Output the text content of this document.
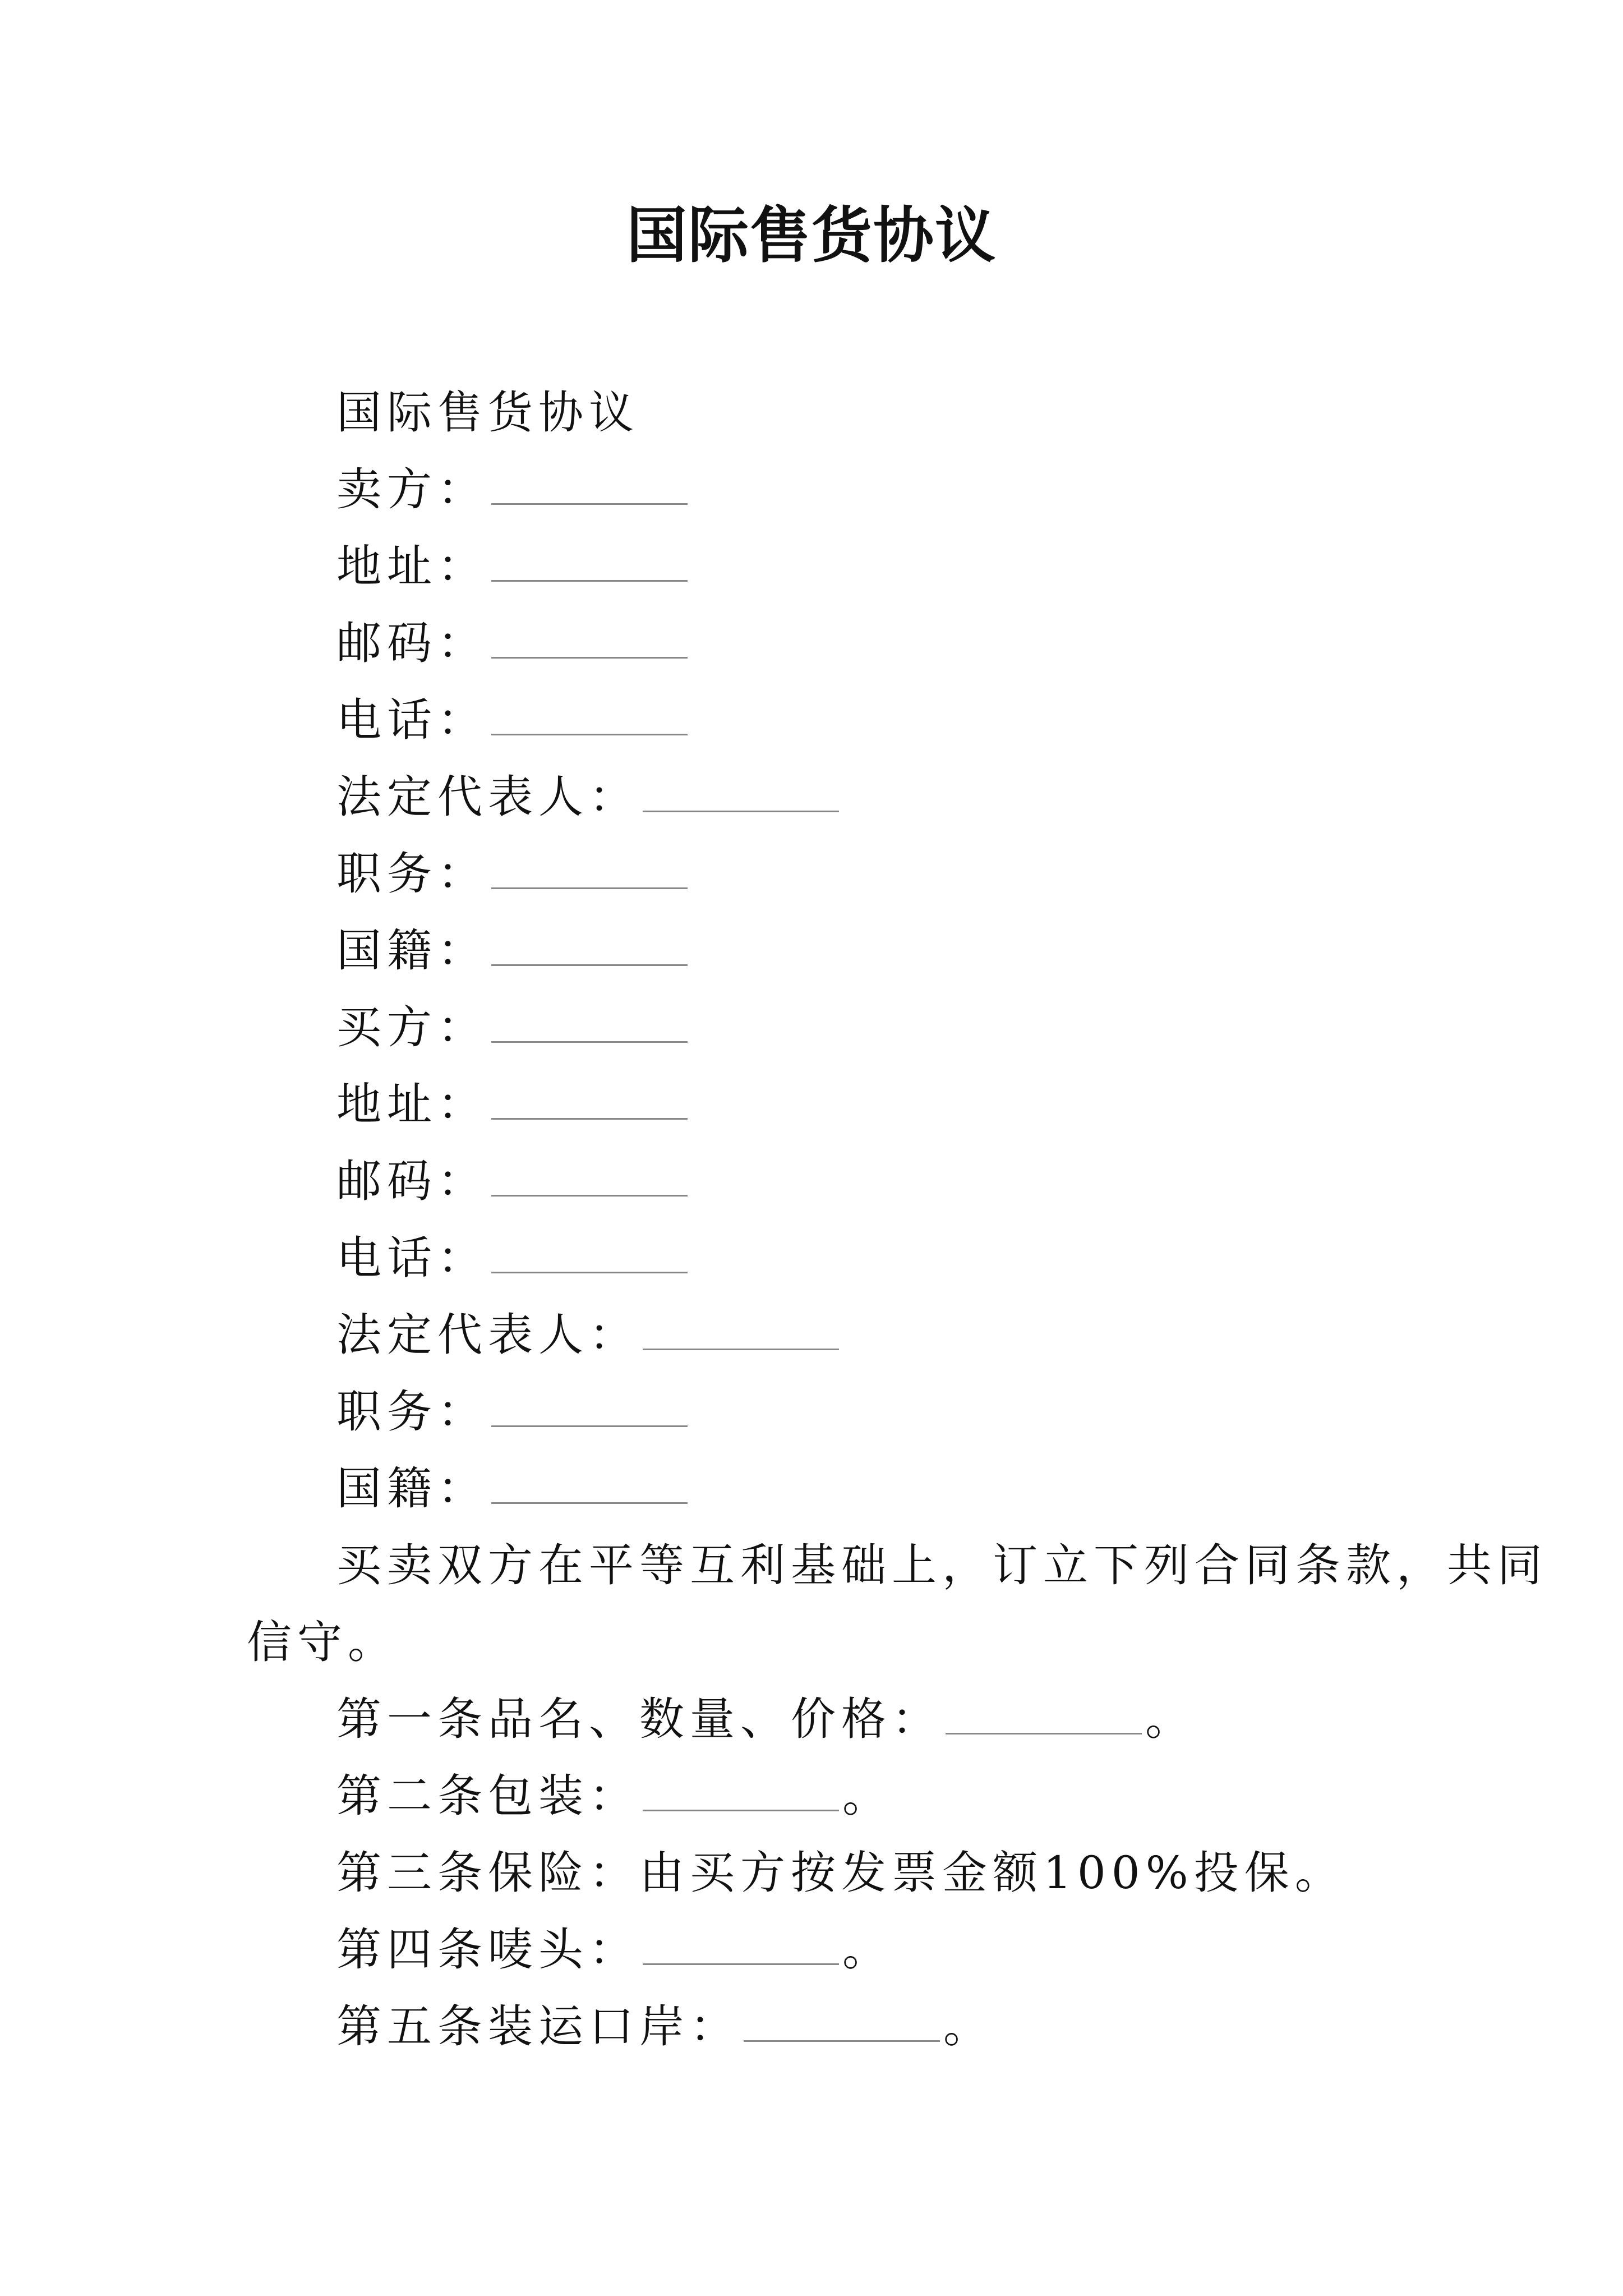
国际售货协议
国际售货协议
卖方：
地址：
邮码：
电话：
法定代表人：
职务：
国籍：
买方：
地址：
邮码：
电话：
法定代表人：
职务：
国籍：
买卖双方在平等互利基础上，订立下列合同条款，共同
信守。
第一条品名、数量、价格：	。
第二条包装：	。
第三条保险：由买方按发票金额100%投保。
第四条唛头：	。
第五条装运口岸：	。
